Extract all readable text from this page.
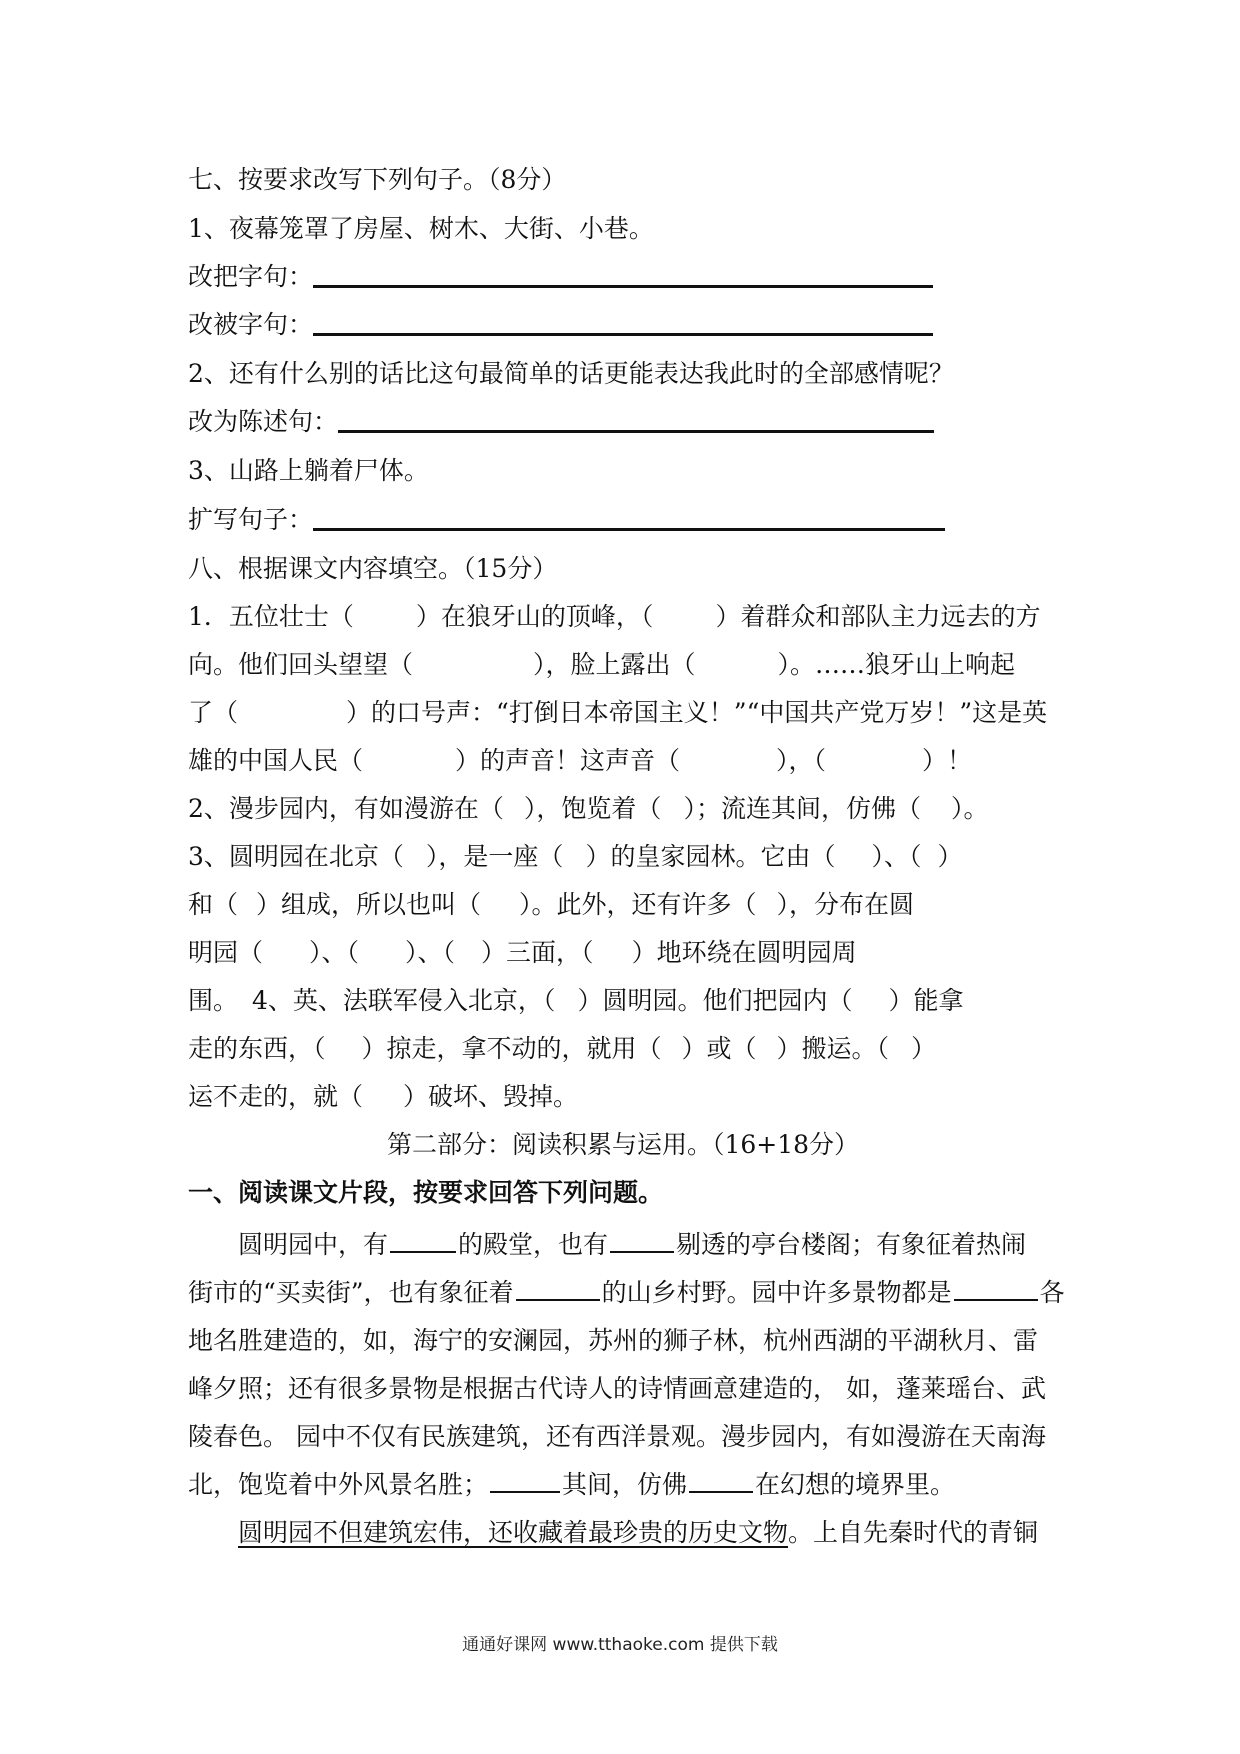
七、按要求改写下列句子。（8分）
1、夜幕笼罩了房屋、树木、大街、小巷。
改把字句：
改被字句：
2、还有什么别的话比这句最简单的话更能表达我此时的全部感情呢？
改为陈述句：
3、山路上躺着尸体。
扩写句子：
八、根据课文内容填空。（15分）
1．五位壮士（ ）在狼牙山的顶峰，（ ）着群众和部队主力远去的方
向。他们回头望望（	），脸上露出（	）。……狼牙山上响起
了（	）的口号声：“打倒日本帝国主义！”“中国共产党万岁！”这是英
雄的中国人民（	）的声音！这声音（	），（	）！
2、漫步园内，有如漫游在（ ），饱览着（ ）；流连其间，仿佛（ ）。
3、圆明园在北京（ ），是一座（ ）的皇家园林。它由（ ）、（ ）
和（ ）组成，所以也叫（ ）。此外，还有许多（ ），分布在圆
明园（ ）、（ ）、（ ）三面，（ ）地环绕在圆明园周
围。 4、英、法联军侵入北京，（ ）圆明园。他们把园内（ ）能拿
走的东西，（ ）掠走，拿不动的，就用（ ）或（ ）搬运。（ ）
运不走的，就（ ）破坏、毁掉。
第二部分：阅读积累与运用。（16+18分）
一、阅读课文片段，按要求回答下列问题。
圆明园中，有	的殿堂，也有	剔透的亭台楼阁；有象征着热闹
街市的“买卖街”，也有象征着	的山乡村野。园中许多景物都是	各
地名胜建造的，如，海宁的安澜园，苏州的狮子林，杭州西湖的平湖秋月、雷
峰夕照；还有很多景物是根据古代诗人的诗情画意建造的， 如，蓬莱瑶台、武
陵春色。 园中不仅有民族建筑，还有西洋景观。漫步园内，有如漫游在天南海
北，饱览着中外风景名胜；	其间，仿佛	在幻想的境界里。
圆明园不但建筑宏伟，还收藏着最珍贵的历史文物。上自先秦时代的青铜
通通好课网 www.tthaoke.com 提供下载
